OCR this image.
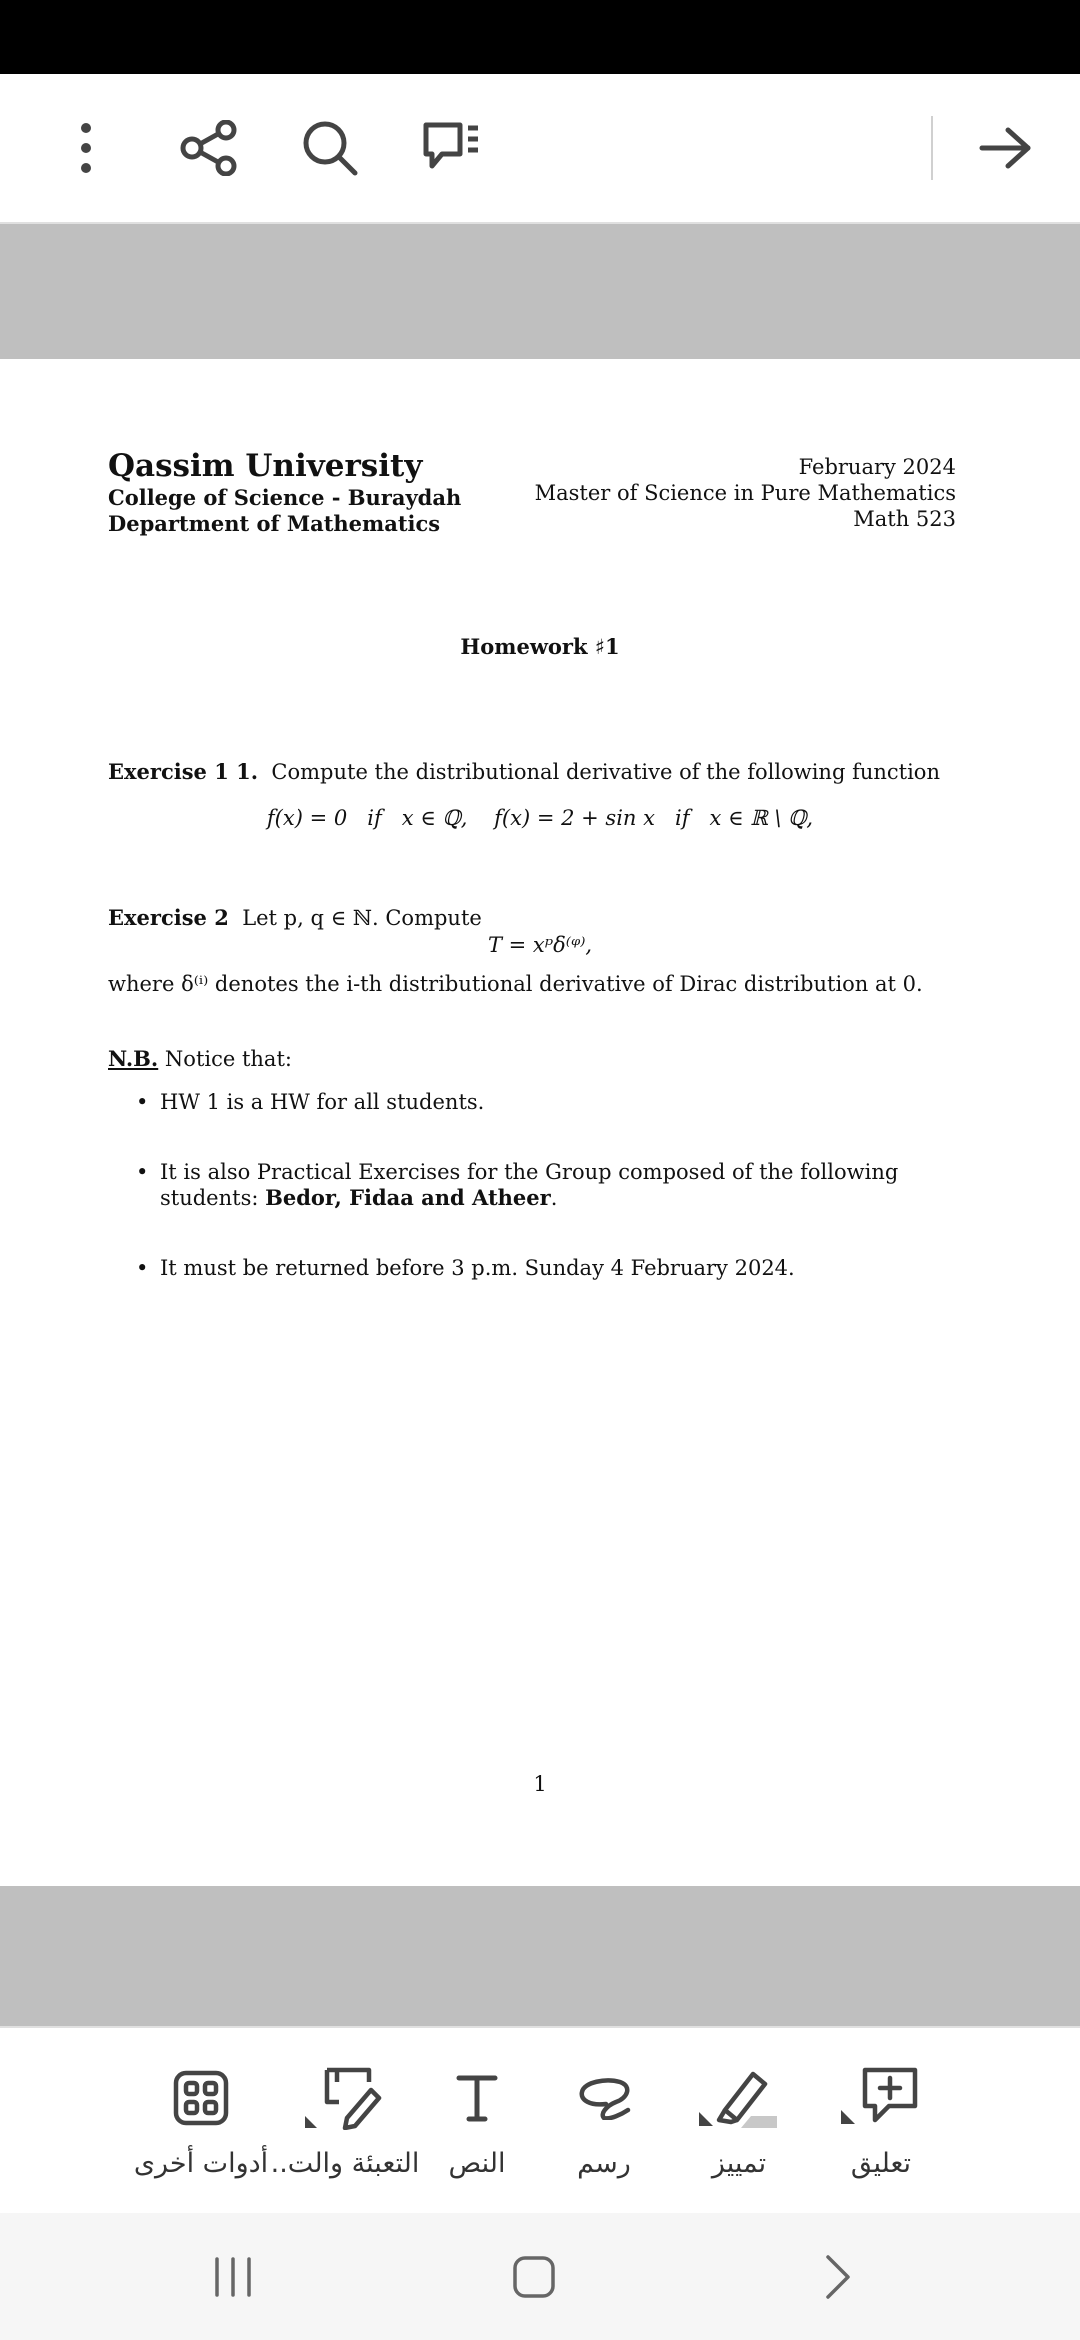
Qassim University
College of Science - Buraydah
Department of Mathematics
February 2024
Master of Science in Pure Mathematics
Math 523
Homework ♯1
Exercise 1 1. Compute the distributional derivative of the following function
f(x) = 0   if   x ∈ ℚ,    f(x) = 2 + sin x   if   x ∈ ℝ \ ℚ,
Exercise 2 Let p, q ∈ ℕ. Compute
T = xᵖδ⁽ᵠ⁾,
where δ⁽ⁱ⁾ denotes the i-th distributional derivative of Dirac distribution at 0.
N.B. Notice that:
• HW 1 is a HW for all students.
• It is also Practical Exercises for the Group composed of the following students: Bedor, Fidaa and Atheer.
• It must be returned before 3 p.m. Sunday 4 February 2024.
1
أدوات أخرى التعبئة والت..	النص	رسم	تمييز	تعليق
